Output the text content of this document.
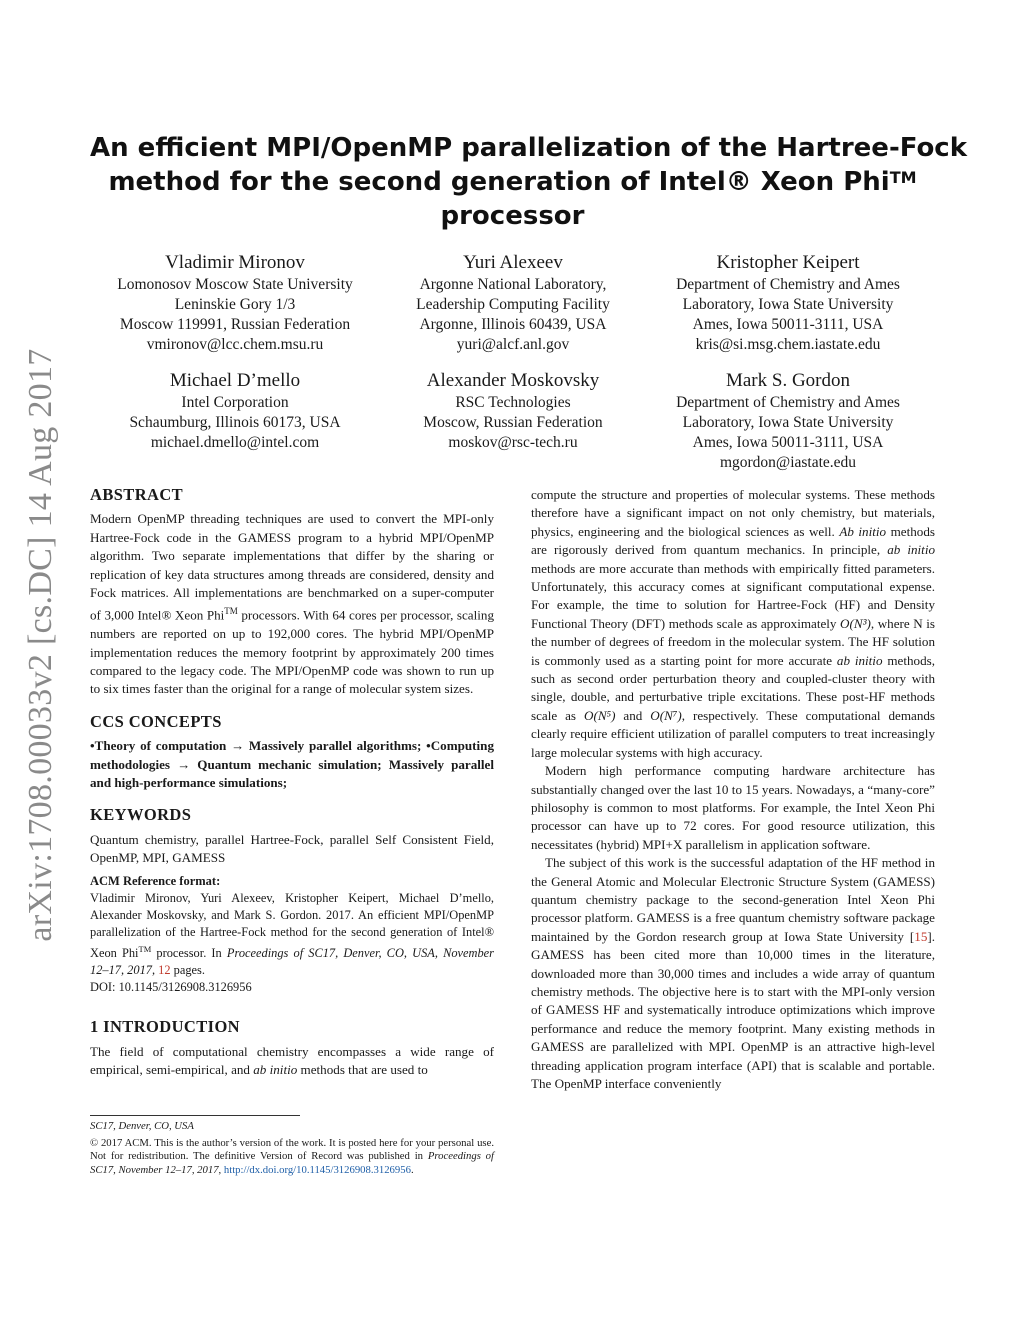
arXiv:1708.00033v2 [cs.DC] 14 Aug 2017
An efficient MPI/OpenMP parallelization of the Hartree-Fock
method for the second generation of Intel® Xeon Phi™
processor
Vladimir Mironov
Lomonosov Moscow State University
Leninskie Gory 1/3
Moscow 119991, Russian Federation
vmironov@lcc.chem.msu.ru
Yuri Alexeev
Argonne National Laboratory,
Leadership Computing Facility
Argonne, Illinois 60439, USA
yuri@alcf.anl.gov
Kristopher Keipert
Department of Chemistry and Ames
Laboratory, Iowa State University
Ames, Iowa 50011-3111, USA
kris@si.msg.chem.iastate.edu
Michael D’mello
Intel Corporation
Schaumburg, Illinois 60173, USA
michael.dmello@intel.com
Alexander Moskovsky
RSC Technologies
Moscow, Russian Federation
moskov@rsc-tech.ru
Mark S. Gordon
Department of Chemistry and Ames
Laboratory, Iowa State University
Ames, Iowa 50011-3111, USA
mgordon@iastate.edu
ABSTRACT

Modern OpenMP threading techniques are used to convert the MPI-only Hartree-Fock code in the GAMESS program to a hybrid MPI/OpenMP algorithm. Two separate implementations that differ by the sharing or replication of key data structures among threads are considered, density and Fock matrices. All implementations are benchmarked on a super-computer of 3,000 Intel® Xeon Phi™ processors. With 64 cores per processor, scaling numbers are reported on up to 192,000 cores. The hybrid MPI/OpenMP implementation reduces the memory footprint by approximately 200 times compared to the legacy code. The MPI/OpenMP code was shown to run up to six times faster than the original for a range of molecular system sizes.

CCS CONCEPTS

•Theory of computation → Massively parallel algorithms; •Computing methodologies → Quantum mechanic simulation; Massively parallel and high-performance simulations;

KEYWORDS

Quantum chemistry, parallel Hartree-Fock, parallel Self Consistent Field, OpenMP, MPI, GAMESS

ACM Reference format:

Vladimir Mironov, Yuri Alexeev, Kristopher Keipert, Michael D’mello, Alexander Moskovsky, and Mark S. Gordon. 2017. An efficient MPI/OpenMP parallelization of the Hartree-Fock method for the second generation of Intel® Xeon Phi™ processor. In Proceedings of SC17, Denver, CO, USA, November 12–17, 2017, 12 pages.

DOI: 10.1145/3126908.3126956

1 INTRODUCTION

The field of computational chemistry encompasses a wide range of empirical, semi-empirical, and ab initio methods that are used to

SC17, Denver, CO, USA

© 2017 ACM. This is the author’s version of the work. It is posted here for your personal use. Not for redistribution. The definitive Version of Record was published in Proceedings of SC17, November 12–17, 2017, http://dx.doi.org/10.1145/3126908.3126956.

compute the structure and properties of molecular systems. These methods therefore have a significant impact on not only chemistry, but materials, physics, engineering and the biological sciences as well. Ab initio methods are rigorously derived from quantum mechanics. In principle, ab initio methods are more accurate than methods with empirically fitted parameters. Unfortunately, this accuracy comes at significant computational expense. For example, the time to solution for Hartree-Fock (HF) and Density Functional Theory (DFT) methods scale as approximately O(N³), where N is the number of degrees of freedom in the molecular system. The HF solution is commonly used as a starting point for more accurate ab initio methods, such as second order perturbation theory and coupled-cluster theory with single, double, and perturbative triple excitations. These post-HF methods scale as O(N⁵) and O(N⁷), respectively. These computational demands clearly require efficient utilization of parallel computers to treat increasingly large molecular systems with high accuracy.

Modern high performance computing hardware architecture has substantially changed over the last 10 to 15 years. Nowadays, a “many-core” philosophy is common to most platforms. For example, the Intel Xeon Phi processor can have up to 72 cores. For good resource utilization, this necessitates (hybrid) MPI+X parallelism in application software.

The subject of this work is the successful adaptation of the HF method in the General Atomic and Molecular Electronic Structure System (GAMESS) quantum chemistry package to the second-generation Intel Xeon Phi processor platform. GAMESS is a free quantum chemistry software package maintained by the Gordon research group at Iowa State University [15]. GAMESS has been cited more than 10,000 times in the literature, downloaded more than 30,000 times and includes a wide array of quantum chemistry methods. The objective here is to start with the MPI-only version of GAMESS HF and systematically introduce optimizations which improve performance and reduce the memory footprint. Many existing methods in GAMESS are parallelized with MPI. OpenMP is an attractive high-level threading application program interface (API) that is scalable and portable. The OpenMP interface conveniently
